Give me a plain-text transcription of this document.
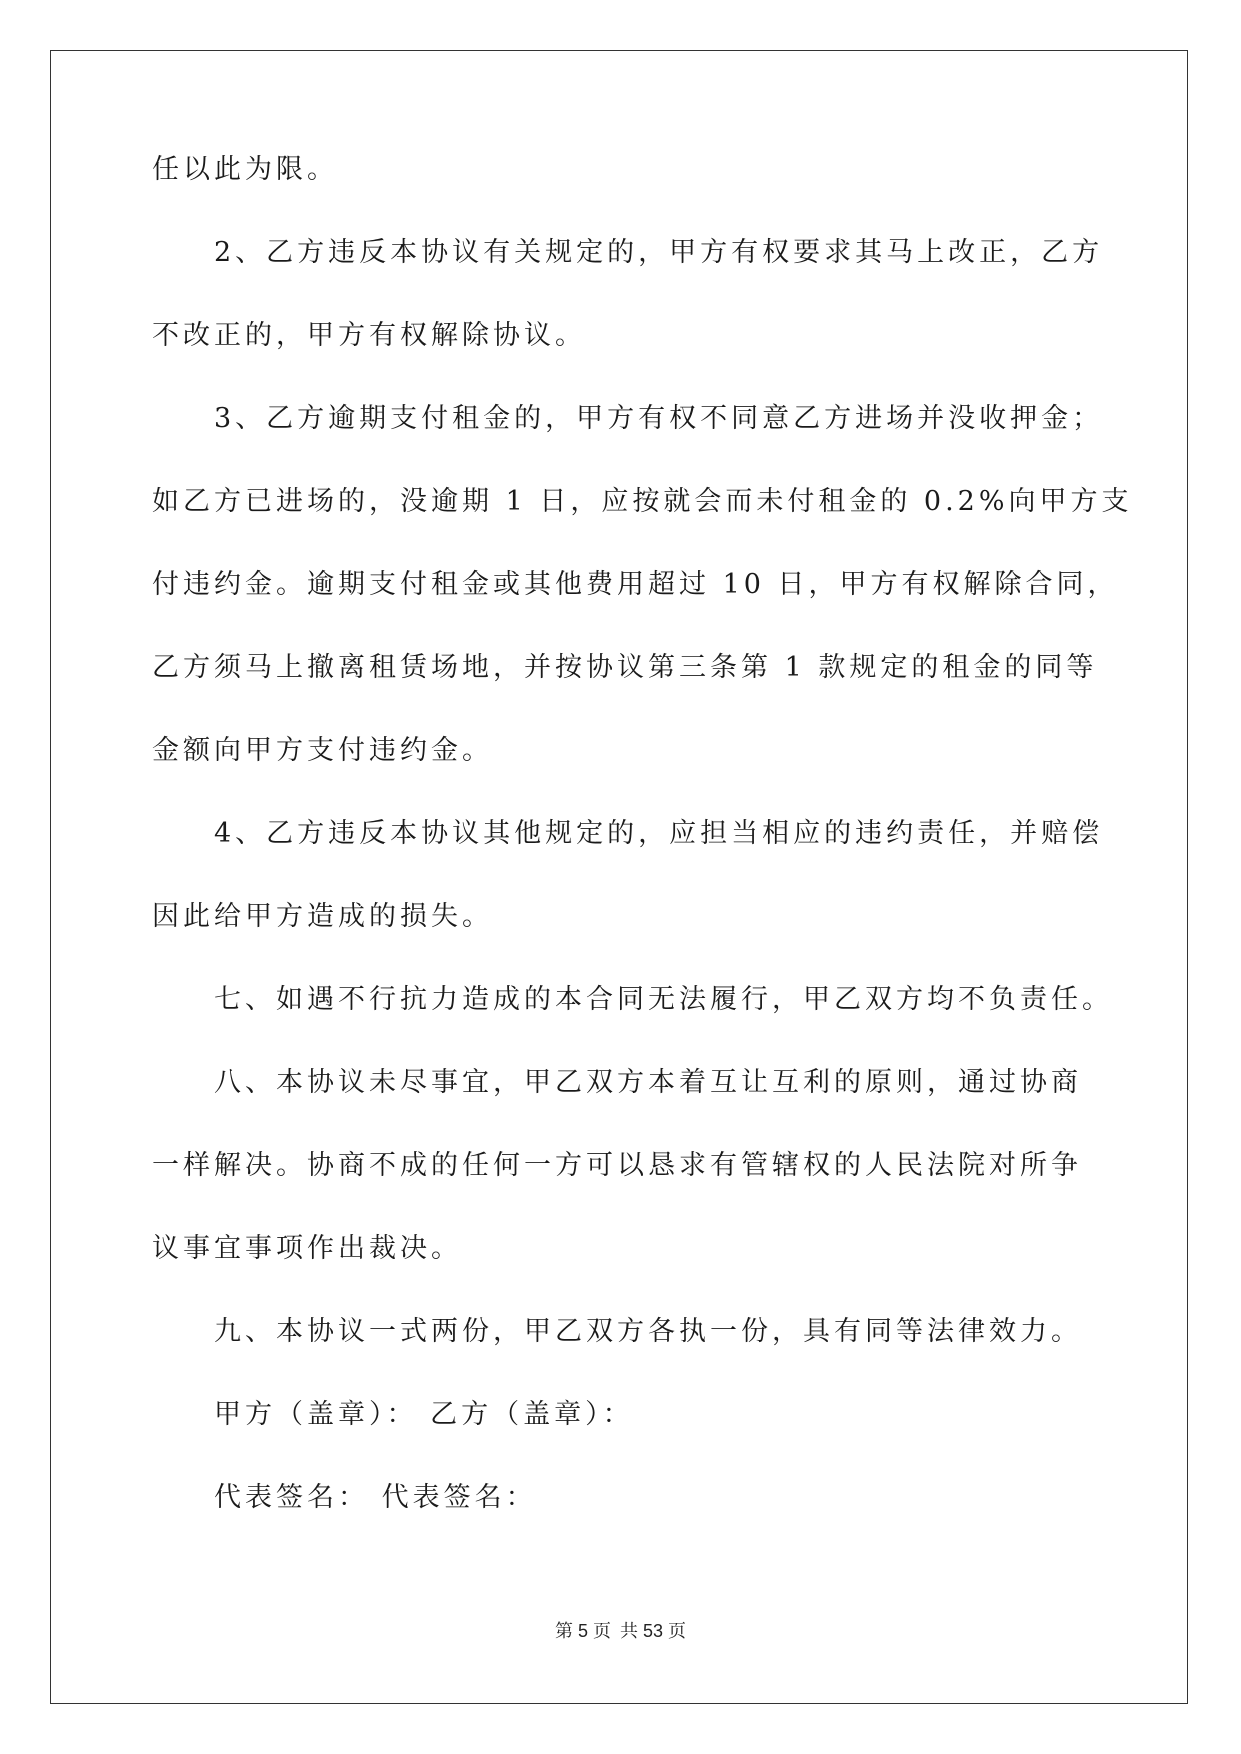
任以此为限。
2、乙方违反本协议有关规定的，甲方有权要求其马上改正，乙方
不改正的，甲方有权解除协议。
3、乙方逾期支付租金的，甲方有权不同意乙方进场并没收押金；
如乙方已进场的，没逾期 1 日，应按就会而未付租金的 0.2%向甲方支
付违约金。逾期支付租金或其他费用超过 10 日，甲方有权解除合同，
乙方须马上撤离租赁场地，并按协议第三条第 1 款规定的租金的同等
金额向甲方支付违约金。
4、乙方违反本协议其他规定的，应担当相应的违约责任，并赔偿
因此给甲方造成的损失。
七、如遇不行抗力造成的本合同无法履行，甲乙双方均不负责任。
八、本协议未尽事宜，甲乙双方本着互让互利的原则，通过协商
一样解决。协商不成的任何一方可以恳求有管辖权的人民法院对所争
议事宜事项作出裁决。
九、本协议一式两份，甲乙双方各执一份，具有同等法律效力。
甲方（盖章）： 乙方（盖章）：
代表签名： 代表签名：
第 5 页 共 53 页
